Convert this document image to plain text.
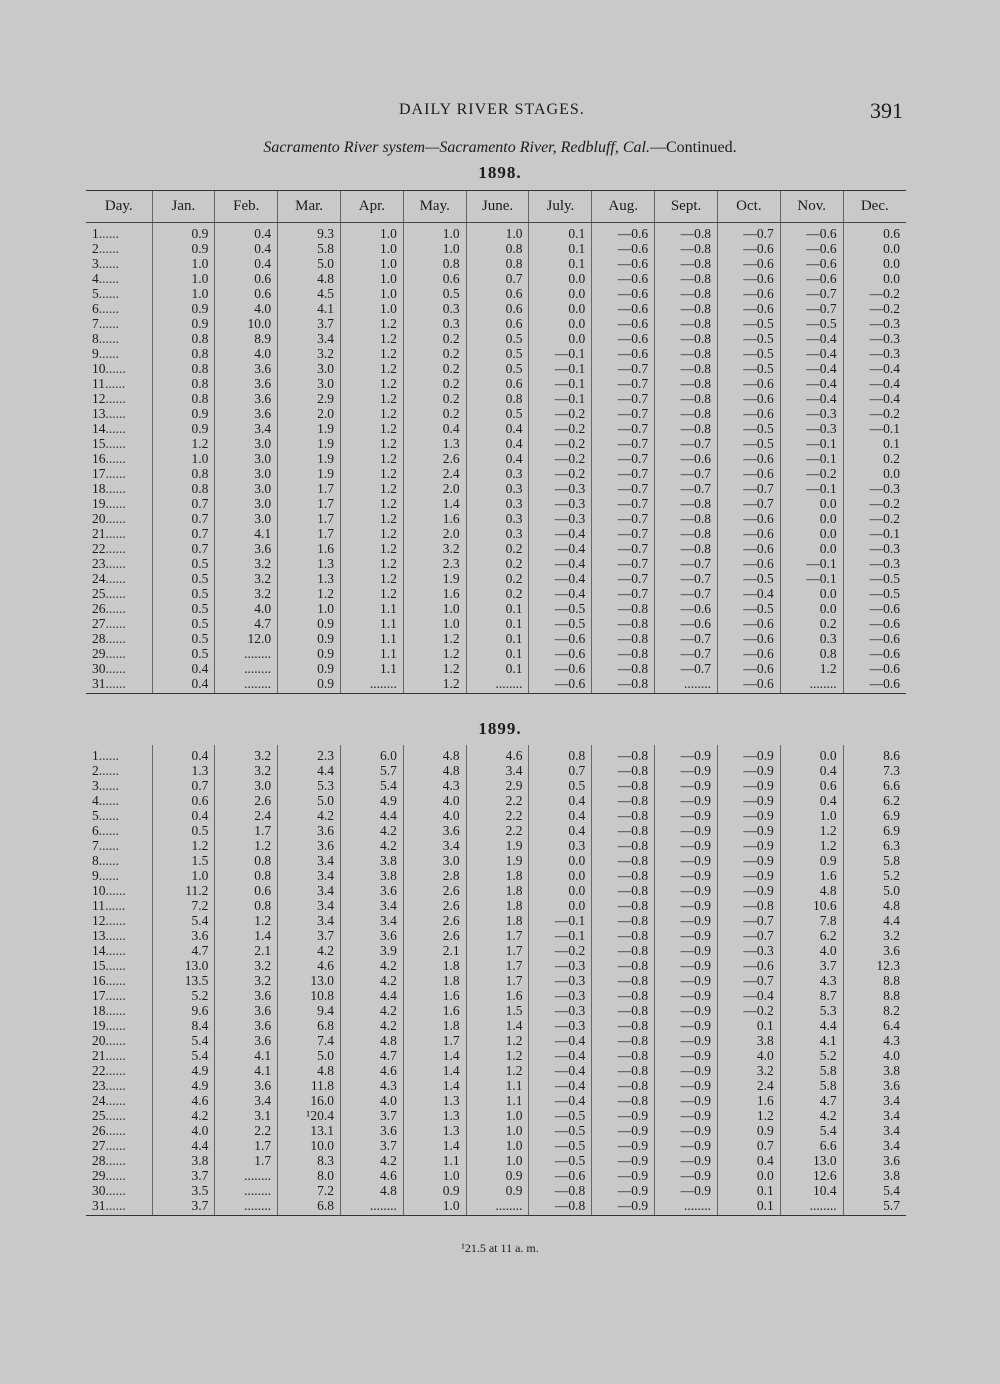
DAILY RIVER STAGES.	391
Sacramento River system—Sacramento River, Redbluff, Cal.—Continued.
1898.
Day.	Jan.	Feb.	Mar.	Apr.	May.	June.	July.	Aug.	Sept.	Oct.	Nov.	Dec.
1......	0.9	0.4	9.3	1.0	1.0	1.0	0.1	—0.6	—0.8	—0.7	—0.6	0.6
2......	0.9	0.4	5.8	1.0	1.0	0.8	0.1	—0.6	—0.8	—0.6	—0.6	0.0
3......	1.0	0.4	5.0	1.0	0.8	0.8	0.1	—0.6	—0.8	—0.6	—0.6	0.0
4......	1.0	0.6	4.8	1.0	0.6	0.7	0.0	—0.6	—0.8	—0.6	—0.6	0.0
5......	1.0	0.6	4.5	1.0	0.5	0.6	0.0	—0.6	—0.8	—0.6	—0.7	—0.2
6......	0.9	4.0	4.1	1.0	0.3	0.6	0.0	—0.6	—0.8	—0.6	—0.7	—0.2
7......	0.9	10.0	3.7	1.2	0.3	0.6	0.0	—0.6	—0.8	—0.5	—0.5	—0.3
8......	0.8	8.9	3.4	1.2	0.2	0.5	0.0	—0.6	—0.8	—0.5	—0.4	—0.3
9......	0.8	4.0	3.2	1.2	0.2	0.5	—0.1	—0.6	—0.8	—0.5	—0.4	—0.3
10......	0.8	3.6	3.0	1.2	0.2	0.5	—0.1	—0.7	—0.8	—0.5	—0.4	—0.4
11......	0.8	3.6	3.0	1.2	0.2	0.6	—0.1	—0.7	—0.8	—0.6	—0.4	—0.4
12......	0.8	3.6	2.9	1.2	0.2	0.8	—0.1	—0.7	—0.8	—0.6	—0.4	—0.4
13......	0.9	3.6	2.0	1.2	0.2	0.5	—0.2	—0.7	—0.8	—0.6	—0.3	—0.2
14......	0.9	3.4	1.9	1.2	0.4	0.4	—0.2	—0.7	—0.8	—0.5	—0.3	—0.1
15......	1.2	3.0	1.9	1.2	1.3	0.4	—0.2	—0.7	—0.7	—0.5	—0.1	0.1
16......	1.0	3.0	1.9	1.2	2.6	0.4	—0.2	—0.7	—0.6	—0.6	—0.1	0.2
17......	0.8	3.0	1.9	1.2	2.4	0.3	—0.2	—0.7	—0.7	—0.6	—0.2	0.0
18......	0.8	3.0	1.7	1.2	2.0	0.3	—0.3	—0.7	—0.7	—0.7	—0.1	—0.3
19......	0.7	3.0	1.7	1.2	1.4	0.3	—0.3	—0.7	—0.8	—0.7	0.0	—0.2
20......	0.7	3.0	1.7	1.2	1.6	0.3	—0.3	—0.7	—0.8	—0.6	0.0	—0.2
21......	0.7	4.1	1.7	1.2	2.0	0.3	—0.4	—0.7	—0.8	—0.6	0.0	—0.1
22......	0.7	3.6	1.6	1.2	3.2	0.2	—0.4	—0.7	—0.8	—0.6	0.0	—0.3
23......	0.5	3.2	1.3	1.2	2.3	0.2	—0.4	—0.7	—0.7	—0.6	—0.1	—0.3
24......	0.5	3.2	1.3	1.2	1.9	0.2	—0.4	—0.7	—0.7	—0.5	—0.1	—0.5
25......	0.5	3.2	1.2	1.2	1.6	0.2	—0.4	—0.7	—0.7	—0.4	0.0	—0.5
26......	0.5	4.0	1.0	1.1	1.0	0.1	—0.5	—0.8	—0.6	—0.5	0.0	—0.6
27......	0.5	4.7	0.9	1.1	1.0	0.1	—0.5	—0.8	—0.6	—0.6	0.2	—0.6
28......	0.5	12.0	0.9	1.1	1.2	0.1	—0.6	—0.8	—0.7	—0.6	0.3	—0.6
29......	0.5	........	0.9	1.1	1.2	0.1	—0.6	—0.8	—0.7	—0.6	0.8	—0.6
30......	0.4	........	0.9	1.1	1.2	0.1	—0.6	—0.8	—0.7	—0.6	1.2	—0.6
31......	0.4	........	0.9	........	1.2	........	—0.6	—0.8	........	—0.6	........	—0.6
1899.
1......	0.4	3.2	2.3	6.0	4.8	4.6	0.8	—0.8	—0.9	—0.9	0.0	8.6
2......	1.3	3.2	4.4	5.7	4.8	3.4	0.7	—0.8	—0.9	—0.9	0.4	7.3
3......	0.7	3.0	5.3	5.4	4.3	2.9	0.5	—0.8	—0.9	—0.9	0.6	6.6
4......	0.6	2.6	5.0	4.9	4.0	2.2	0.4	—0.8	—0.9	—0.9	0.4	6.2
5......	0.4	2.4	4.2	4.4	4.0	2.2	0.4	—0.8	—0.9	—0.9	1.0	6.9
6......	0.5	1.7	3.6	4.2	3.6	2.2	0.4	—0.8	—0.9	—0.9	1.2	6.9
7......	1.2	1.2	3.6	4.2	3.4	1.9	0.3	—0.8	—0.9	—0.9	1.2	6.3
8......	1.5	0.8	3.4	3.8	3.0	1.9	0.0	—0.8	—0.9	—0.9	0.9	5.8
9......	1.0	0.8	3.4	3.8	2.8	1.8	0.0	—0.8	—0.9	—0.9	1.6	5.2
10......	11.2	0.6	3.4	3.6	2.6	1.8	0.0	—0.8	—0.9	—0.9	4.8	5.0
11......	7.2	0.8	3.4	3.4	2.6	1.8	0.0	—0.8	—0.9	—0.8	10.6	4.8
12......	5.4	1.2	3.4	3.4	2.6	1.8	—0.1	—0.8	—0.9	—0.7	7.8	4.4
13......	3.6	1.4	3.7	3.6	2.6	1.7	—0.1	—0.8	—0.9	—0.7	6.2	3.2
14......	4.7	2.1	4.2	3.9	2.1	1.7	—0.2	—0.8	—0.9	—0.3	4.0	3.6
15......	13.0	3.2	4.6	4.2	1.8	1.7	—0.3	—0.8	—0.9	—0.6	3.7	12.3
16......	13.5	3.2	13.0	4.2	1.8	1.7	—0.3	—0.8	—0.9	—0.7	4.3	8.8
17......	5.2	3.6	10.8	4.4	1.6	1.6	—0.3	—0.8	—0.9	—0.4	8.7	8.8
18......	9.6	3.6	9.4	4.2	1.6	1.5	—0.3	—0.8	—0.9	—0.2	5.3	8.2
19......	8.4	3.6	6.8	4.2	1.8	1.4	—0.3	—0.8	—0.9	0.1	4.4	6.4
20......	5.4	3.6	7.4	4.8	1.7	1.2	—0.4	—0.8	—0.9	3.8	4.1	4.3
21......	5.4	4.1	5.0	4.7	1.4	1.2	—0.4	—0.8	—0.9	4.0	5.2	4.0
22......	4.9	4.1	4.8	4.6	1.4	1.2	—0.4	—0.8	—0.9	3.2	5.8	3.8
23......	4.9	3.6	11.8	4.3	1.4	1.1	—0.4	—0.8	—0.9	2.4	5.8	3.6
24......	4.6	3.4	16.0	4.0	1.3	1.1	—0.4	—0.8	—0.9	1.6	4.7	3.4
25......	4.2	3.1	¹20.4	3.7	1.3	1.0	—0.5	—0.9	—0.9	1.2	4.2	3.4
26......	4.0	2.2	13.1	3.6	1.3	1.0	—0.5	—0.9	—0.9	0.9	5.4	3.4
27......	4.4	1.7	10.0	3.7	1.4	1.0	—0.5	—0.9	—0.9	0.7	6.6	3.4
28......	3.8	1.7	8.3	4.2	1.1	1.0	—0.5	—0.9	—0.9	0.4	13.0	3.6
29......	3.7	........	8.0	4.6	1.0	0.9	—0.6	—0.9	—0.9	0.0	12.6	3.8
30......	3.5	........	7.2	4.8	0.9	0.9	—0.8	—0.9	—0.9	0.1	10.4	5.4
31......	3.7	........	6.8	........	1.0	........	—0.8	—0.9	........	0.1	........	5.7
¹21.5 at 11 a. m.
